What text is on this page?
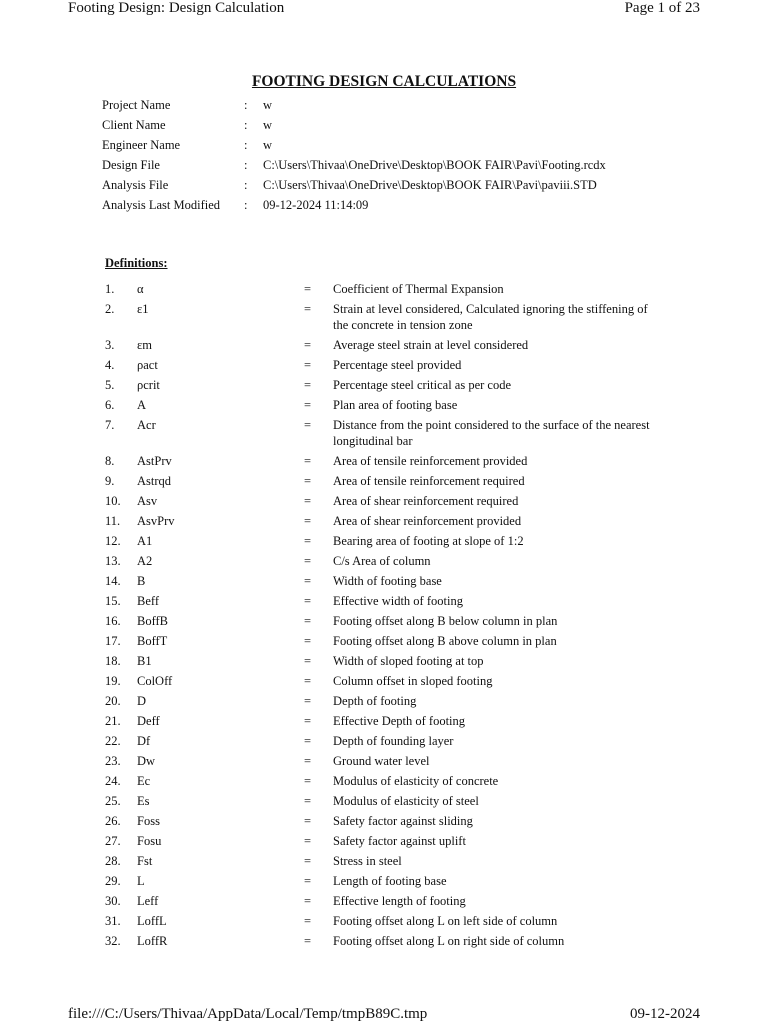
Footing Design: Design Calculation	Page 1 of 23
FOOTING DESIGN CALCULATIONS
Project Name	: w
Client Name	: w
Engineer Name	: w
Design File	: C:\Users\Thivaa\OneDrive\Desktop\BOOK FAIR\Pavi\Footing.rcdx
Analysis File	: C:\Users\Thivaa\OneDrive\Desktop\BOOK FAIR\Pavi\paviii.STD
Analysis Last Modified : 09-12-2024 11:14:09
Definitions:
1. α	= Coefficient of Thermal Expansion
2. ε1	= Strain at level considered, Calculated ignoring the stiffening of the concrete in tension zone
3. εm	= Average steel strain at level considered
4. ρact	= Percentage steel provided
5. ρcrit	= Percentage steel critical as per code
6. A	= Plan area of footing base
7. Acr	= Distance from the point considered to the surface of the nearest longitudinal bar
8. AstPrv	= Area of tensile reinforcement provided
9. Astrqd	= Area of tensile reinforcement required
10. Asv	= Area of shear reinforcement required
11. AsvPrv	= Area of shear reinforcement provided
12. A1	= Bearing area of footing at slope of 1:2
13. A2	= C/s Area of column
14. B	= Width of footing base
15. Beff	= Effective width of footing
16. BoffB	= Footing offset along B below column in plan
17. BoffT	= Footing offset along B above column in plan
18. B1	= Width of sloped footing at top
19. ColOff	= Column offset in sloped footing
20. D	= Depth of footing
21. Deff	= Effective Depth of footing
22. Df	= Depth of founding layer
23. Dw	= Ground water level
24. Ec	= Modulus of elasticity of concrete
25. Es	= Modulus of elasticity of steel
26. Foss	= Safety factor against sliding
27. Fosu	= Safety factor against uplift
28. Fst	= Stress in steel
29. L	= Length of footing base
30. Leff	= Effective length of footing
31. LoffL	= Footing offset along L on left side of column
32. LoffR	= Footing offset along L on right side of column
file:///C:/Users/Thivaa/AppData/Local/Temp/tmpB89C.tmp	09-12-2024
